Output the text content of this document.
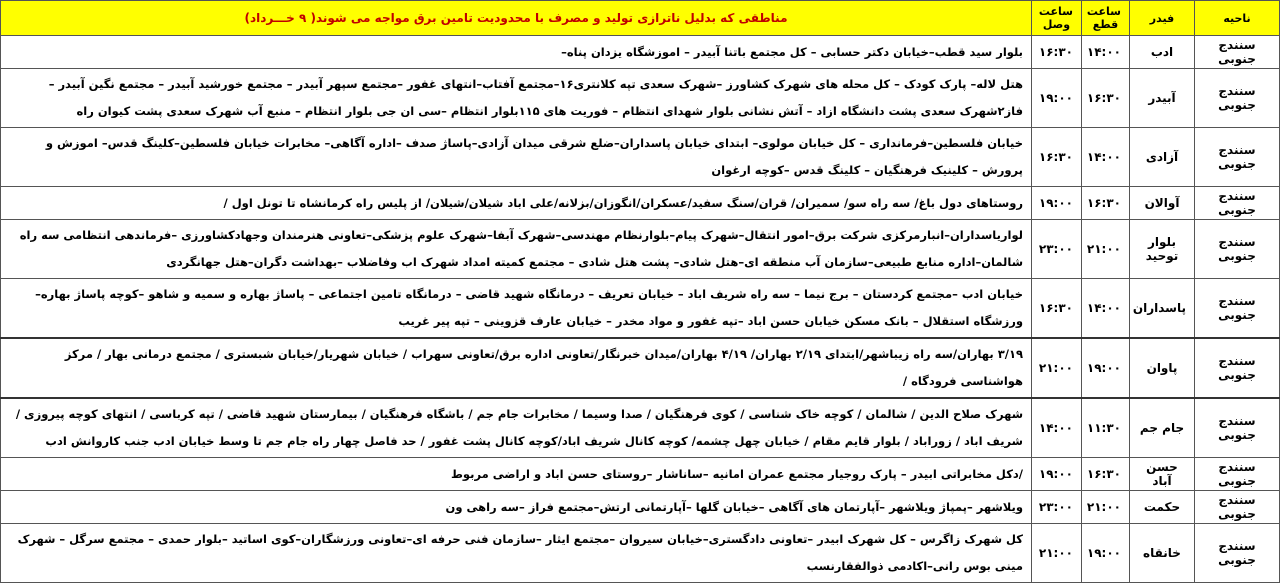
ناحیه	فیدر	ساعت قطع	ساعت وصل	مناطقی که بدلیل ناترازی تولید و مصرف با محدودیت تامین برق مواجه می شوند( ۹ خـــرداد)
سنندج جنوبی	ادب	۱۴:۰۰	۱۶:۳۰	بلوار سید قطب–خیابان دکتر حسابی – کل مجتمع باتنا آبیدر – اموزشگاه یزدان پناه–
سنندج جنوبی	آبیدر	۱۶:۳۰	۱۹:۰۰	هتل لاله– پارک کودک – کل محله های شهرک کشاورز –شهرک سعدی تپه کلانتری۱۶–مجتمع آفتاب–انتهای غفور –مجتمع سپهر آبیدر – مجتمع خورشید آبیدر – مجتمع نگین آبیدر –فاز۲شهرک سعدی پشت دانشگاه ازاد – آتش نشانی بلوار شهدای انتظام – فوریت های ۱۱۵بلوار انتظام –سی ان جی بلوار انتظام – منبع آب شهرک سعدی پشت کیوان راه
سنندج جنوبی	آزادی	۱۴:۰۰	۱۶:۳۰	خیابان فلسطین–فرمانداری – کل خیابان مولوی– ابتدای خیابان پاسداران–ضلع شرقی میدان آزادی–پاساژ صدف –اداره آگاهی– مخابرات خیابان فلسطین–کلینگ قدس– اموزش و پرورش – کلینیک فرهنگیان – کلینگ قدس –کوچه ارغوان
سنندج جنوبی	آوالان	۱۶:۳۰	۱۹:۰۰	روستاهای دول باغ/ سه راه سو/ سمیران/ قران/سنگ سفید/عسکران/انگوزان/بزلانه/علی اباد شیلان/شیلان/ از پلیس راه کرمانشاه تا تونل اول /
سنندج جنوبی	بلوار توحید	۲۱:۰۰	۲۳:۰۰	لواریاسداران–انبارمرکزی شرکت برق–امور انتقال–شهرک پیام–بلوارنظام مهندسی–شهرک آبفا–شهرک علوم پزشکی–تعاونی هنرمندان وجهادکشاورزی –فرماندهی انتظامی سه راه شالمان–اداره منابع طبیعی–سازمان آب منطقه ای–هتل شادی– پشت هتل شادی – مجتمع کمیته امداد شهرک اب وفاضلاب –بهداشت دگران–هتل جهانگردی
سنندج جنوبی	پاسداران	۱۴:۰۰	۱۶:۳۰	خیابان ادب –مجتمع کردستان – برج نیما – سه راه شریف اباد – خیابان تعریف – درمانگاه شهید قاضی – درمانگاه تامین اجتماعی – پاساژ بهاره و سمیه و شاهو –کوچه پاساژ بهاره–ورزشگاه استقلال – بانک مسکن خیابان حسن اباد –تپه غفور و مواد مخدر – خیابان عارف قزوینی – تپه پیر غریب
سنندج جنوبی	پاوان	۱۹:۰۰	۲۱:۰۰	۳/۱۹ بهاران/سه راه زیباشهر/ابتدای ۲/۱۹ بهاران/ ۴/۱۹ بهاران/میدان خبرنگار/تعاونی اداره برق/تعاونی سهراب / خیابان شهریار/خیابان شبستری / مجتمع درمانی بهار / مرکز هواشناسی فرودگاه /
سنندج جنوبی	جام جم	۱۱:۳۰	۱۴:۰۰	شهرک صلاح الدین / شالمان / کوچه خاک شناسی / کوی فرهنگیان / صدا وسیما / مخابرات جام جم / باشگاه فرهنگیان / بیمارستان شهید قاضی / تپه کرباسی / انتهای کوچه پیروزی / شریف اباد / زوراباد / بلوار قایم مقام / خیابان چهل چشمه/ کوچه کانال شریف اباد/کوچه کانال پشت غفور / حد فاصل چهار راه جام جم تا وسط خیابان ادب جنب کاروانش ادب
سنندج جنوبی	حسن آباد	۱۶:۳۰	۱۹:۰۰	/دکل مخابراتی ابیدر – پارک روجیار مجتمع عمران امانیه –ساناشار –روستای حسن اباد و اراضی مربوط
سنندج جنوبی	حکمت	۲۱:۰۰	۲۳:۰۰	ویلاشهر –پمپاژ ویلاشهر –آپارتمان های آگاهی –خیابان گلها –آپارتمانی ارتش–مجتمع فراز –سه راهی ون
سنندج جنوبی	خانقاه	۱۹:۰۰	۲۱:۰۰	کل شهرک زاگرس – کل شهرک ابیدر –تعاونی دادگستری–خیابان سیروان –مجتمع ایثار –سازمان فنی حرفه ای–تعاونی ورزشگاران–کوی اساتید –بلوار حمدی – مجتمع سرگل – شهرک مینی بوس رانی–اکادمی ذوالفقارنسب
